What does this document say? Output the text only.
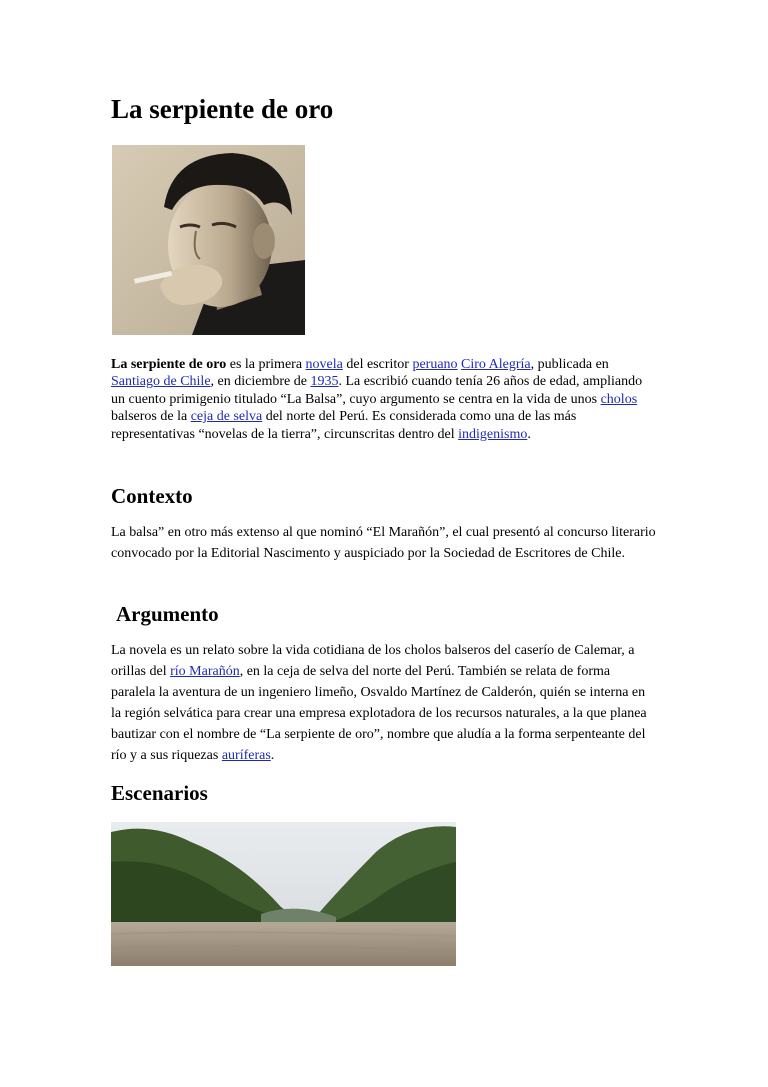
La serpiente de oro

La serpiente de oro es la primera novela del escritor peruano Ciro Alegría, publicada en Santiago de Chile, en diciembre de 1935. La escribió cuando tenía 26 años de edad, ampliando un cuento primigenio titulado “La Balsa”, cuyo argumento se centra en la vida de unos cholos balseros de la ceja de selva del norte del Perú. Es considerada como una de las más representativas “novelas de la tierra”, circunscritas dentro del indigenismo.

Contexto

La balsa” en otro más extenso al que nominó “El Marañón”, el cual presentó al concurso literario convocado por la Editorial Nascimento y auspiciado por la Sociedad de Escritores de Chile.

Argumento

La novela es un relato sobre la vida cotidiana de los cholos balseros del caserío de Calemar, a orillas del río Marañón, en la ceja de selva del norte del Perú. También se relata de forma paralela la aventura de un ingeniero limeño, Osvaldo Martínez de Calderón, quién se interna en la región selvática para crear una empresa explotadora de los recursos naturales, a la que planea bautizar con el nombre de “La serpiente de oro”, nombre que aludía a la forma serpenteante del río y a sus riquezas auríferas.

Escenarios
